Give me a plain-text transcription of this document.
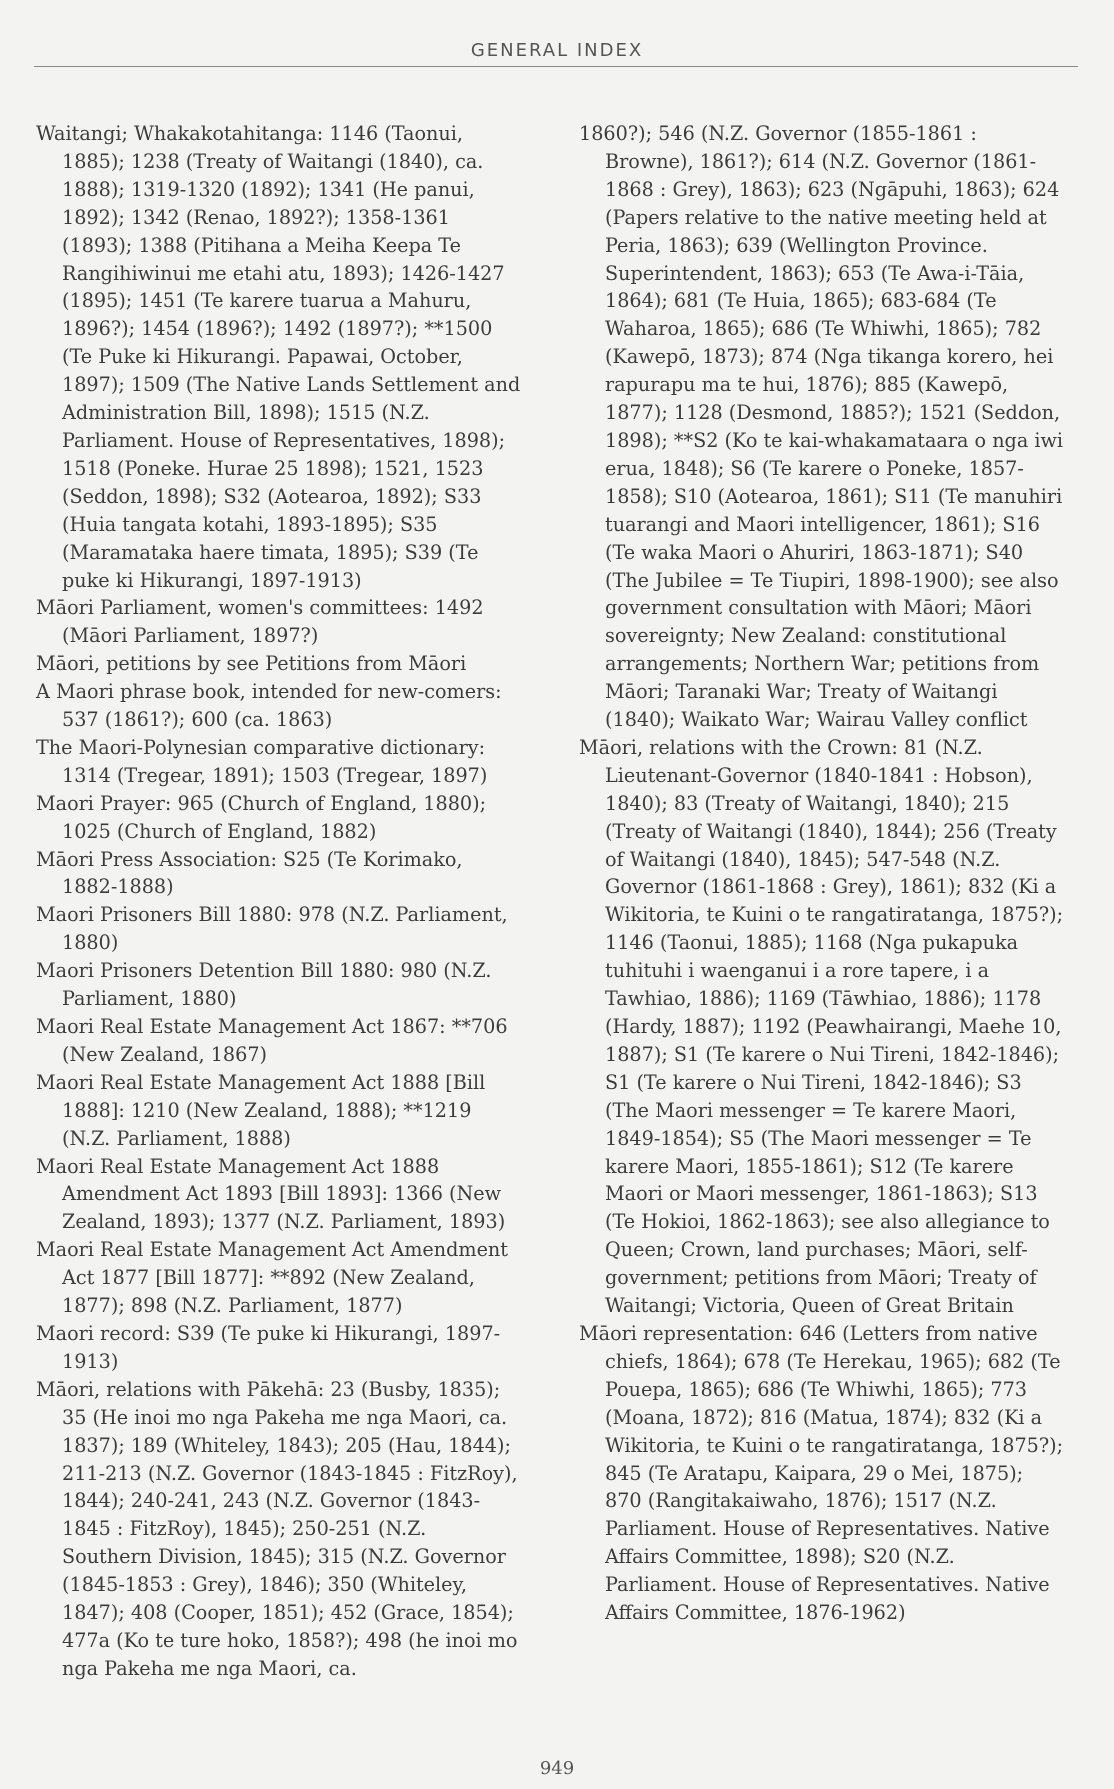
GENERAL INDEX

Waitangi; Whakakotahitanga: 1146 (Taonui, 1885); 1238 (Treaty of Waitangi (1840), ca. 1888); 1319-1320 (1892); 1341 (He panui, 1892); 1342 (Renao, 1892?); 1358-1361 (1893); 1388 (Pitihana a Meiha Keepa Te Rangihiwinui me etahi atu, 1893); 1426-1427 (1895); 1451 (Te karere tuarua a Mahuru, 1896?); 1454 (1896?); 1492 (1897?); **1500 (Te Puke ki Hikurangi. Papawai, October, 1897); 1509 (The Native Lands Settlement and Administration Bill, 1898); 1515 (N.Z. Parliament. House of Representatives, 1898); 1518 (Poneke. Hurae 25 1898); 1521, 1523 (Seddon, 1898); S32 (Aotearoa, 1892); S33 (Huia tangata kotahi, 1893-1895); S35 (Maramataka haere timata, 1895); S39 (Te puke ki Hikurangi, 1897-1913)

Māori Parliament, women's committees: 1492 (Māori Parliament, 1897?)

Māori, petitions by see Petitions from Māori

A Maori phrase book, intended for new-comers: 537 (1861?); 600 (ca. 1863)

The Maori-Polynesian comparative dictionary: 1314 (Tregear, 1891); 1503 (Tregear, 1897)

Maori Prayer: 965 (Church of England, 1880); 1025 (Church of England, 1882)

Māori Press Association: S25 (Te Korimako, 1882-1888)

Maori Prisoners Bill 1880: 978 (N.Z. Parliament, 1880)

Maori Prisoners Detention Bill 1880: 980 (N.Z. Parliament, 1880)

Maori Real Estate Management Act 1867: **706 (New Zealand, 1867)

Maori Real Estate Management Act 1888 [Bill 1888]: 1210 (New Zealand, 1888); **1219 (N.Z. Parliament, 1888)

Maori Real Estate Management Act 1888 Amendment Act 1893 [Bill 1893]: 1366 (New Zealand, 1893); 1377 (N.Z. Parliament, 1893)

Maori Real Estate Management Act Amendment Act 1877 [Bill 1877]: **892 (New Zealand, 1877); 898 (N.Z. Parliament, 1877)

Maori record: S39 (Te puke ki Hikurangi, 1897-1913)

Māori, relations with Pākehā: 23 (Busby, 1835); 35 (He inoi mo nga Pakeha me nga Maori, ca. 1837); 189 (Whiteley, 1843); 205 (Hau, 1844); 211-213 (N.Z. Governor (1843-1845 : FitzRoy), 1844); 240-241, 243 (N.Z. Governor (1843-1845 : FitzRoy), 1845); 250-251 (N.Z. Southern Division, 1845); 315 (N.Z. Governor (1845-1853 : Grey), 1846); 350 (Whiteley, 1847); 408 (Cooper, 1851); 452 (Grace, 1854); 477a (Ko te ture hoko, 1858?); 498 (he inoi mo nga Pakeha me nga Maori, ca.

1860?); 546 (N.Z. Governor (1855-1861 : Browne), 1861?); 614 (N.Z. Governor (1861-1868 : Grey), 1863); 623 (Ngāpuhi, 1863); 624 (Papers relative to the native meeting held at Peria, 1863); 639 (Wellington Province. Superintendent, 1863); 653 (Te Awa-i-Tāia, 1864); 681 (Te Huia, 1865); 683-684 (Te Waharoa, 1865); 686 (Te Whiwhi, 1865); 782 (Kawepō, 1873); 874 (Nga tikanga korero, hei rapurapu ma te hui, 1876); 885 (Kawepō, 1877); 1128 (Desmond, 1885?); 1521 (Seddon, 1898); **S2 (Ko te kai-whakamataara o nga iwi erua, 1848); S6 (Te karere o Poneke, 1857-1858); S10 (Aotearoa, 1861); S11 (Te manuhiri tuarangi and Maori intelligencer, 1861); S16 (Te waka Maori o Ahuriri, 1863-1871); S40 (The Jubilee = Te Tiupiri, 1898-1900); see also government consultation with Māori; Māori sovereignty; New Zealand: constitutional arrangements; Northern War; petitions from Māori; Taranaki War; Treaty of Waitangi (1840); Waikato War; Wairau Valley conflict

Māori, relations with the Crown: 81 (N.Z. Lieutenant-Governor (1840-1841 : Hobson), 1840); 83 (Treaty of Waitangi, 1840); 215 (Treaty of Waitangi (1840), 1844); 256 (Treaty of Waitangi (1840), 1845); 547-548 (N.Z. Governor (1861-1868 : Grey), 1861); 832 (Ki a Wikitoria, te Kuini o te rangatiratanga, 1875?); 1146 (Taonui, 1885); 1168 (Nga pukapuka tuhituhi i waenganui i a rore tapere, i a Tawhiao, 1886); 1169 (Tāwhiao, 1886); 1178 (Hardy, 1887); 1192 (Peawhairangi, Maehe 10, 1887); S1 (Te karere o Nui Tireni, 1842-1846); S1 (Te karere o Nui Tireni, 1842-1846); S3 (The Maori messenger = Te karere Maori, 1849-1854); S5 (The Maori messenger = Te karere Maori, 1855-1861); S12 (Te karere Maori or Maori messenger, 1861-1863); S13 (Te Hokioi, 1862-1863); see also allegiance to Queen; Crown, land purchases; Māori, self-government; petitions from Māori; Treaty of Waitangi; Victoria, Queen of Great Britain

Māori representation: 646 (Letters from native chiefs, 1864); 678 (Te Herekau, 1965); 682 (Te Pouepa, 1865); 686 (Te Whiwhi, 1865); 773 (Moana, 1872); 816 (Matua, 1874); 832 (Ki a Wikitoria, te Kuini o te rangatiratanga, 1875?); 845 (Te Aratapu, Kaipara, 29 o Mei, 1875); 870 (Rangitakaiwaho, 1876); 1517 (N.Z. Parliament. House of Representatives. Native Affairs Committee, 1898); S20 (N.Z. Parliament. House of Representatives. Native Affairs Committee, 1876-1962)

949
